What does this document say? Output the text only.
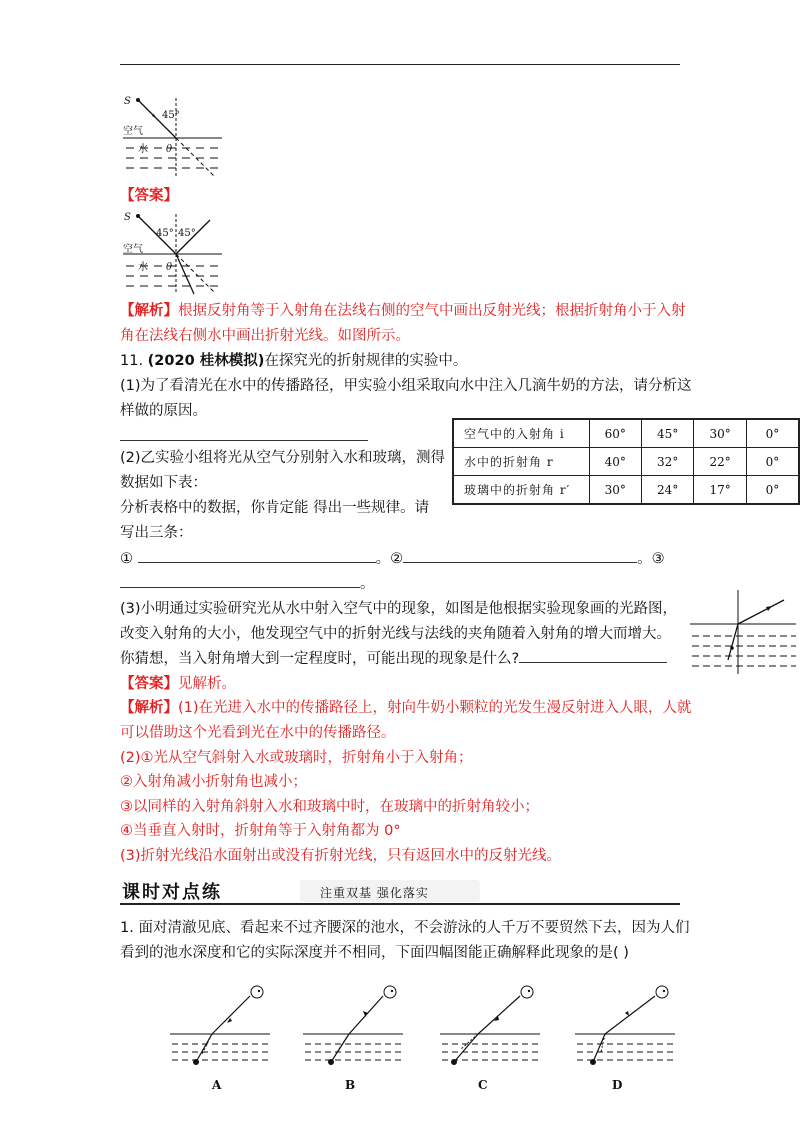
S
45°
空气
水 θ
【答案】
S
45° 45°
空气
水 θ
【解析】根据反射角等于入射角在法线右侧的空气中画出反射光线；根据折射角小于入射
角在法线右侧水中画出折射光线。如图所示。
11. (2020 桂林模拟)在探究光的折射规律的实验中。
(1)为了看清光在水中的传播路径，甲实验小组采取向水中注入几滴牛奶的方法，请分析这
样做的原因。
(2)乙实验小组将光从空气分别射入水和玻璃，测得
数据如下表：
分析表格中的数据，你肯定能 得出一些规律。请
写出三条：
空气中的入射角 i	60°	45°	30°	0°
水中的折射角 r	40°	32°	22°	0°
玻璃中的折射角 r′	30°	24°	17°	0°
①	。②	。③
。
(3)小明通过实验研究光从水中射入空气中的现象，如图是他根据实验现象画的光路图，
改变入射角的大小，他发现空气中的折射光线与法线的夹角随着入射角的增大而增大。
你猜想，当入射角增大到一定程度时，可能出现的现象是什么?
【答案】见解析。
【解析】(1)在光进入水中的传播路径上，射向牛奶小颗粒的光发生漫反射进入人眼，人就
可以借助这个光看到光在水中的传播路径。
(2)①光从空气斜射入水或玻璃时，折射角小于入射角；
②入射角减小折射角也减小；
③以同样的入射角斜射入水和玻璃中时，在玻璃中的折射角较小；
④当垂直入射时，折射角等于入射角都为 0°
(3)折射光线沿水面射出或没有折射光线，只有返回水中的反射光线。
课时对点练	注重双基 强化落实
1. 面对清澈见底、看起来不过齐腰深的池水，不会游泳的人千万不要贸然下去，因为人们
看到的池水深度和它的实际深度并不相同，下面四幅图能正确解释此现象的是( )
A	B	C	D
